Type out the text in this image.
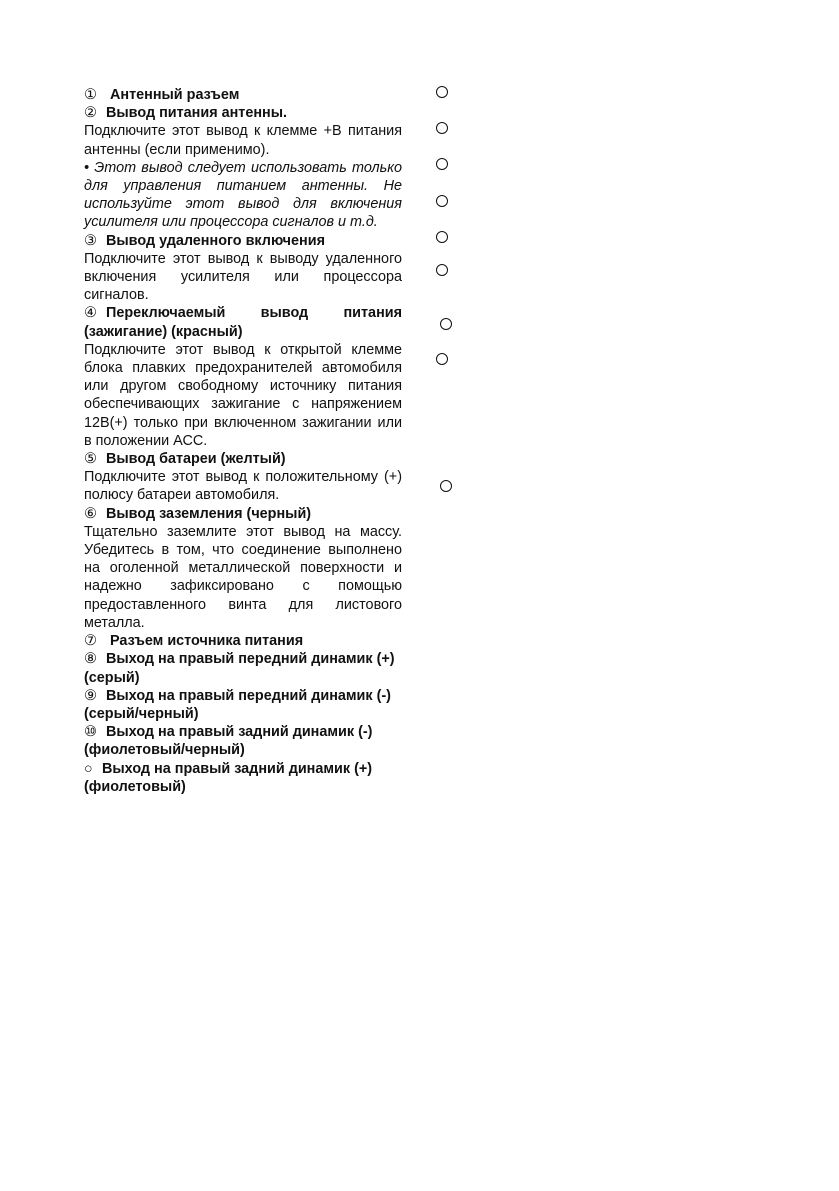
① Антенный разъем
② Вывод питания антенны.
Подключите этот вывод к клемме +В питания антенны (если применимо).
• Этот вывод следует использовать только для управления питанием антенны. Не используйте этот вывод для включения усилителя или процессора сигналов и т.д.
③ Вывод удаленного включения
Подключите этот вывод к выводу удаленного включения усилителя или процессора сигналов.
④ Переключаемый вывод питания (зажигание) (красный)
Подключите этот вывод к открытой клемме блока плавких предохранителей автомобиля или другом свободному источнику питания обеспечивающих зажигание с напряжением 12В(+) только при включенном зажигании или в положении АСС.
⑤ Вывод батареи (желтый)
Подключите этот вывод к положительному (+) полюсу батареи автомобиля.
⑥ Вывод заземления (черный)
Тщательно заземлите этот вывод на массу. Убедитесь в том, что соединение выполнено на оголенной металлической поверхности и надежно зафиксировано с помощью предоставленного винта для листового металла.
⑦ Разъем источника питания
⑧ Выход на правый передний динамик (+) (серый)
⑨ Выход на правый передний динамик (-) (серый/черный)
⑩ Выход на правый задний динамик (-) (фиолетовый/черный)
○ Выход на правый задний динамик (+) (фиолетовый)
